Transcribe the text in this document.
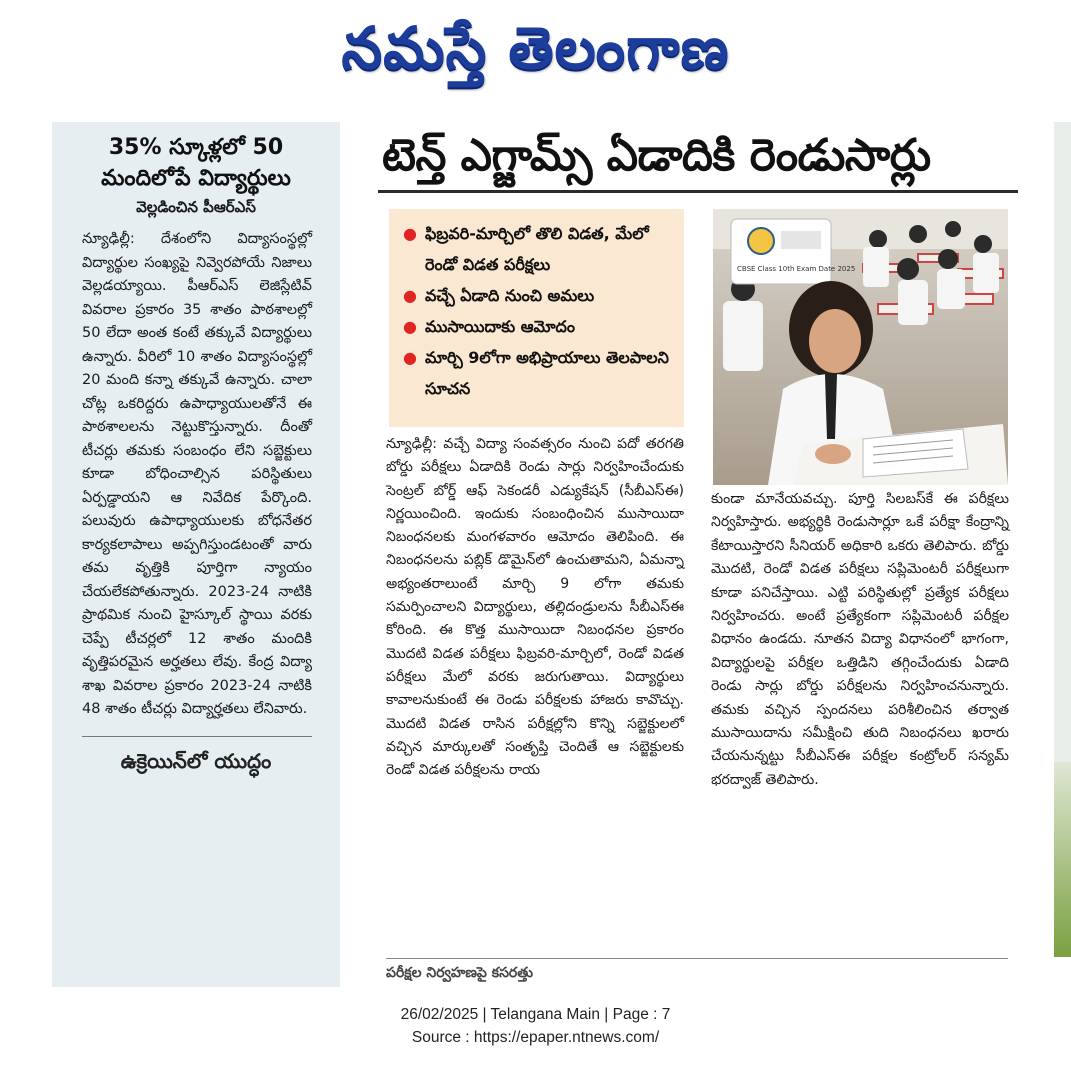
నమస్తే తెలంగాణ
35% స్కూళ్లలో 50
మందిలోపే విద్యార్థులు
వెల్లడించిన పీఆర్ఎస్
న్యూఢిల్లీ: దేశంలోని విద్యాసంస్థల్లో విద్యార్థుల సంఖ్యపై నివ్వెరపోయే నిజాలు వెల్లడయ్యాయి. పీఆర్ఎస్ లెజిస్లేటివ్ వివరాల ప్రకారం 35 శాతం పాఠశాలల్లో 50 లేదా అంత కంటే తక్కువే విద్యార్థులు ఉన్నారు. వీరిలో 10 శాతం విద్యాసంస్థల్లో 20 మంది కన్నా తక్కువే ఉన్నారు. చాలా చోట్ల ఒకరిద్దరు ఉపాధ్యాయులతోనే ఈ పాఠశాలలను నెట్టుకొస్తున్నారు. దీంతో టీచర్లు తమకు సంబంధం లేని సబ్జెక్టులు కూడా బోధించాల్సిన పరిస్థితులు ఏర్పడ్డాయని ఆ నివేదిక పేర్కొంది. పలువురు ఉపాధ్యాయులకు బోధనేతర కార్యకలాపాలు అప్పగిస్తుండటంతో వారు తమ వృత్తికి పూర్తిగా న్యాయం చేయలేకపోతున్నారు. 2023-24 నాటికి ప్రాథమిక నుంచి హైస్కూల్ స్థాయి వరకు చెప్పే టీచర్లలో 12 శాతం మందికి వృత్తిపరమైన అర్హతలు లేవు. కేంద్ర విద్యా శాఖ వివరాల ప్రకారం 2023-24 నాటికి 48 శాతం టీచర్లు విద్యార్హతలు లేనివారు.
ఉక్రెయిన్‌లో యుద్ధం
టెన్త్ ఎగ్జామ్స్ ఏడాదికి రెండుసార్లు
● ఫిబ్రవరి-మార్చిలో తొలి విడత, మేలో రెండో విడత పరీక్షలు
● వచ్చే ఏడాది నుంచి అమలు
● ముసాయిదాకు ఆమోదం
● మార్చి 9లోగా అభిప్రాయాలు తెలపాలని సూచన
CBSE Class 10th Exam Date 2025
న్యూఢిల్లీ: వచ్చే విద్యా సంవత్సరం నుంచి పదో తరగతి బోర్డు పరీక్షలు ఏడాదికి రెండు సార్లు నిర్వహించేందుకు సెంట్రల్ బోర్డ్ ఆఫ్ సెకండరీ ఎడ్యుకేషన్ (సీబీఎస్ఈ) నిర్ణయించింది. ఇందుకు సంబంధించిన ముసాయిదా నిబంధనలకు మంగళవారం ఆమోదం తెలిపింది. ఈ నిబంధనలను పబ్లిక్ డొమైన్‌లో ఉంచుతామని, ఏమన్నా అభ్యంతరాలుంటే మార్చి 9 లోగా తమకు సమర్పించాలని విద్యార్థులు, తల్లిదండ్రులను సీబీఎస్ఈ కోరింది. ఈ కొత్త ముసాయిదా నిబంధనల ప్రకారం మొదటి విడత పరీక్షలు ఫిబ్రవరి-మార్చిలో, రెండో విడత పరీక్షలు మేలో వరకు జరుగుతాయి. విద్యార్థులు కావాలనుకుంటే ఈ రెండు పరీక్షలకు హాజరు కావొచ్చు. మొదటి విడత రాసిన పరీక్షల్లోని కొన్ని సబ్జెక్టులలో వచ్చిన మార్కులతో సంతృప్తి చెందితే ఆ సబ్జెక్టులకు రెండో విడత పరీక్షలను రాయ
కుండా మానేయవచ్చు. పూర్తి సిలబస్‌కే ఈ పరీక్షలు నిర్వహిస్తారు. అభ్యర్థికి రెండుసార్లూ ఒకే పరీక్షా కేంద్రాన్ని కేటాయిస్తారని సీనియర్ అధికారి ఒకరు తెలిపారు. బోర్డు మొదటి, రెండో విడత పరీక్షలు సప్లిమెంటరీ పరీక్షలుగా కూడా పనిచేస్తాయి. ఎట్టి పరిస్థితుల్లో ప్రత్యేక పరీక్షలు నిర్వహించరు. అంటే ప్రత్యేకంగా సప్లిమెంటరీ పరీక్షల విధానం ఉండదు. నూతన విద్యా విధానంలో భాగంగా, విద్యార్థులపై పరీక్షల ఒత్తిడిని తగ్గించేందుకు ఏడాది రెండు సార్లు బోర్డు పరీక్షలను నిర్వహించనున్నారు. తమకు వచ్చిన స్పందనలు పరిశీలించిన తర్వాత ముసాయిదాను సమీక్షించి తుది నిబంధనలు ఖరారు చేయనున్నట్టు సీబీఎస్ఈ పరీక్షల కంట్రోలర్ సన్యమ్ భరద్వాజ్ తెలిపారు.
పరీక్షల నిర్వహణపై కసరత్తు
26/02/2025 | Telangana Main | Page : 7
Source : https://epaper.ntnews.com/
